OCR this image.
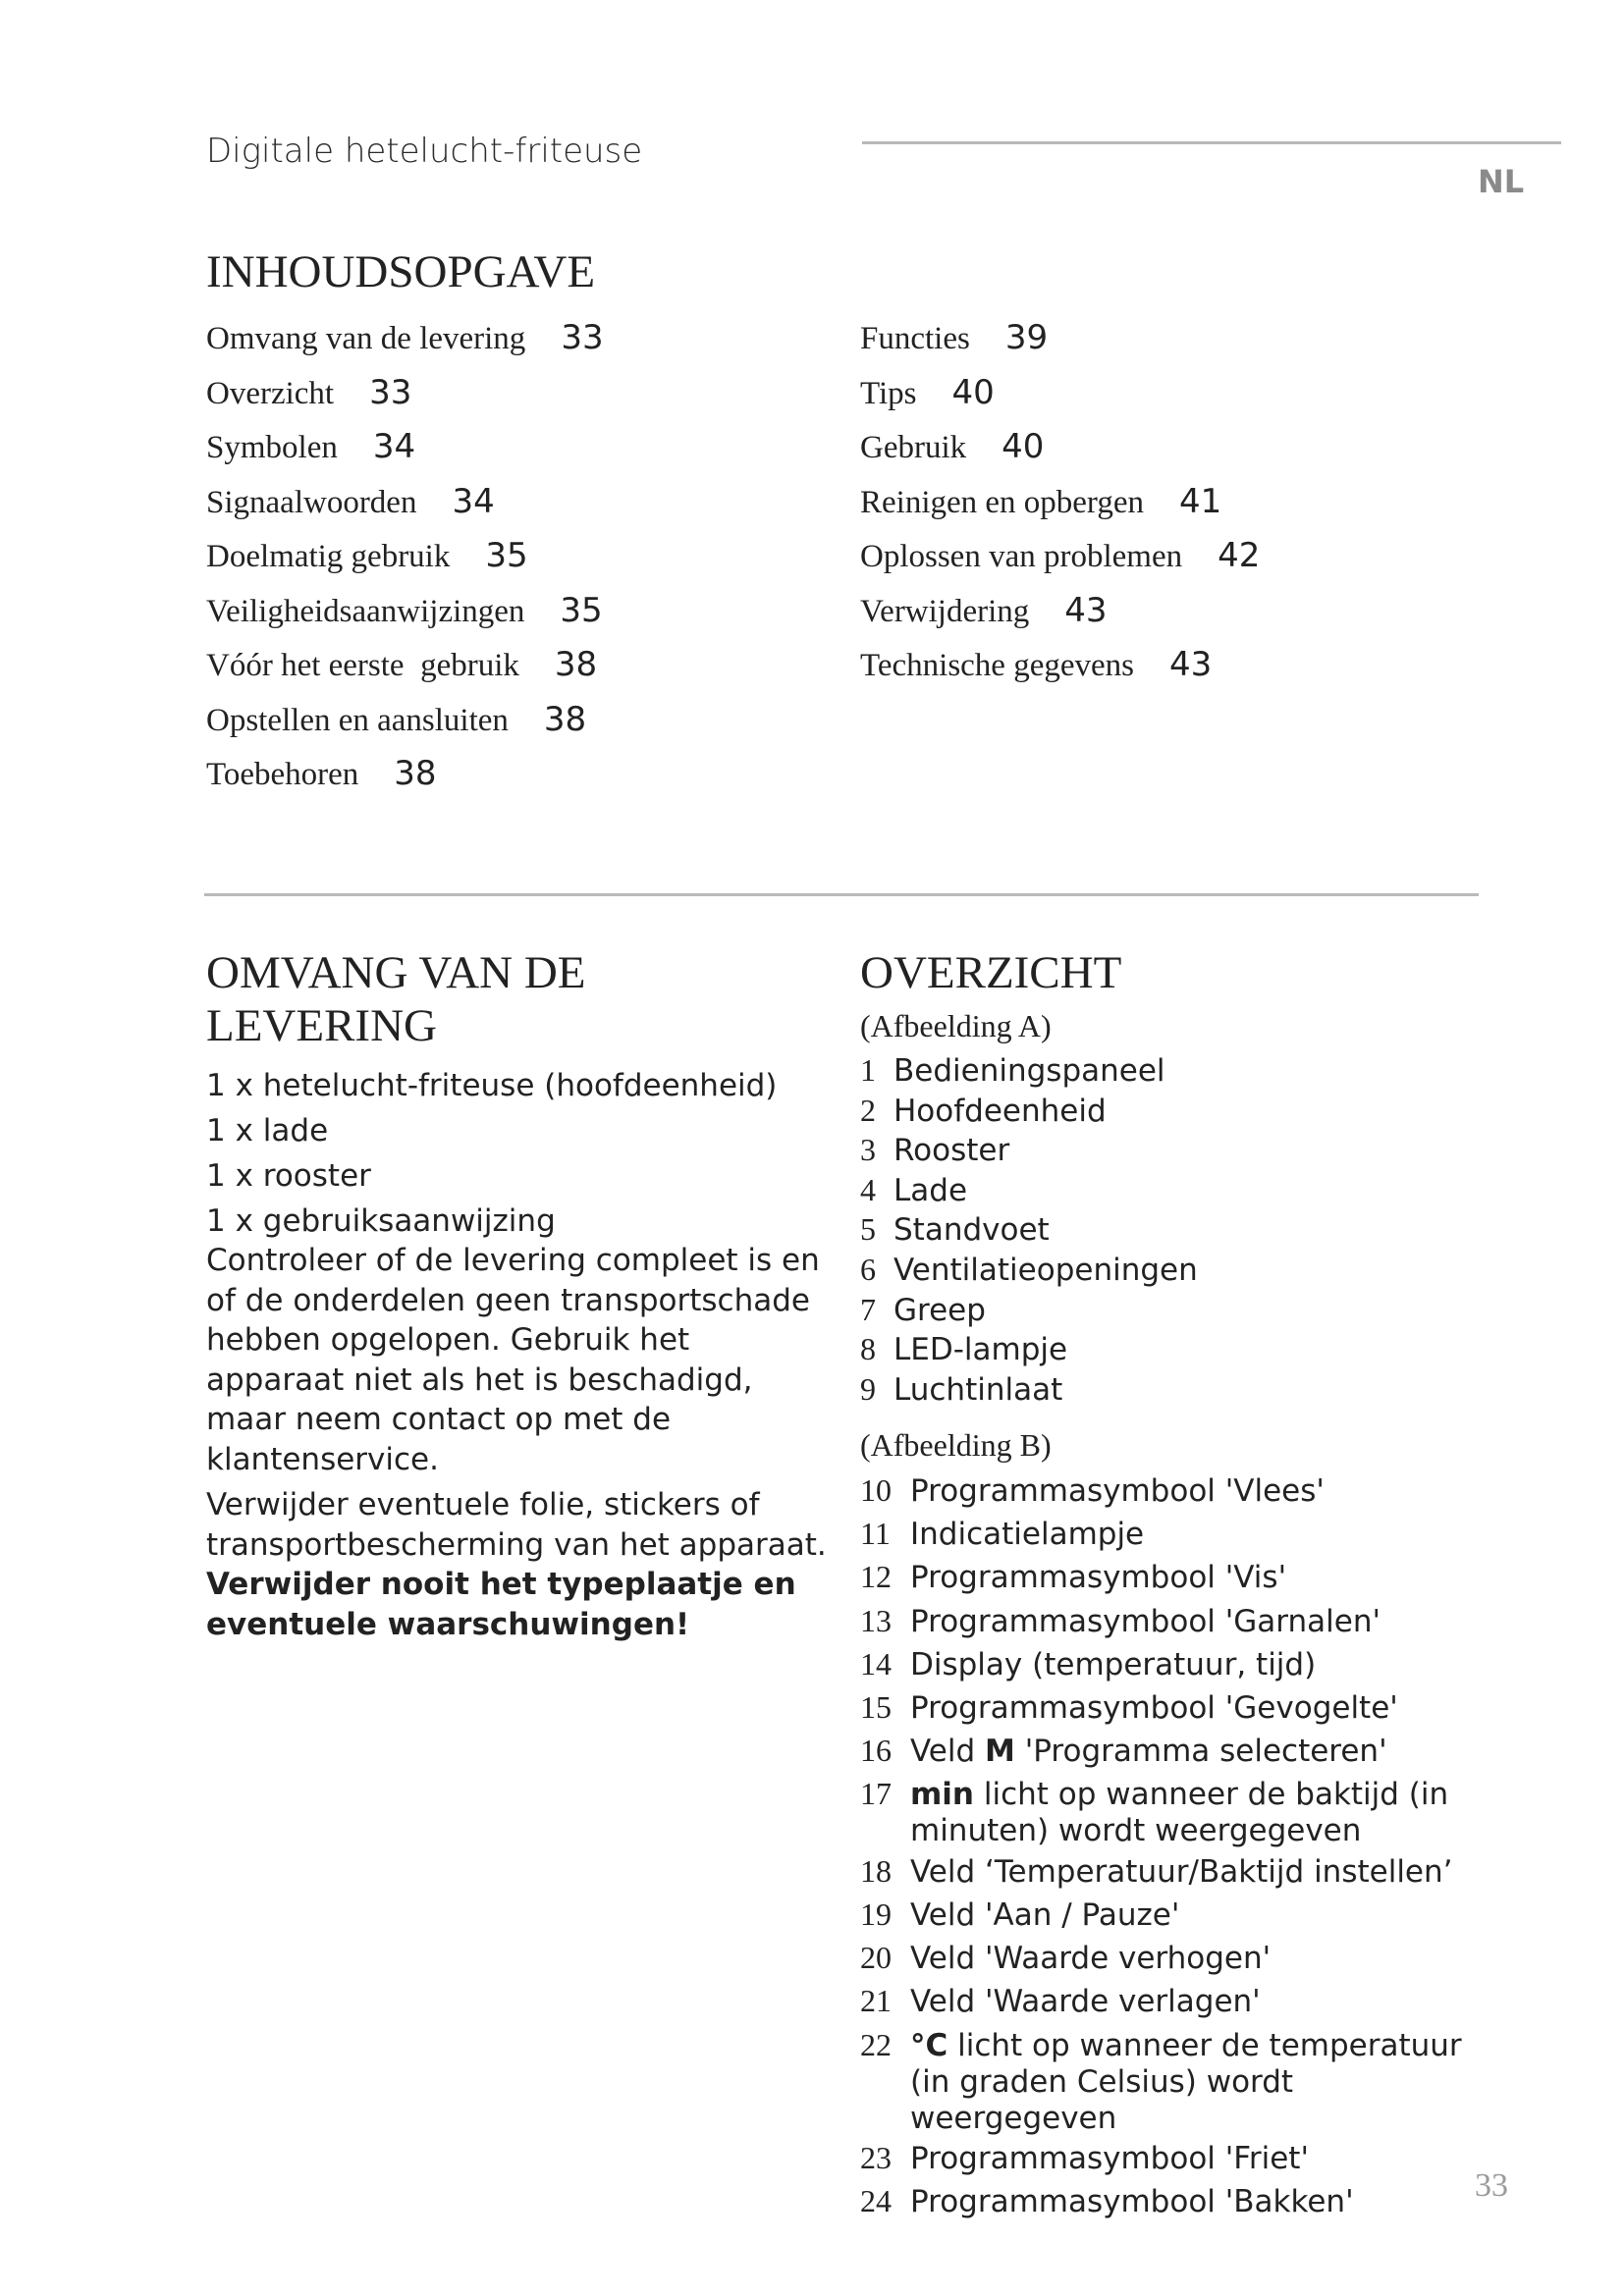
Digitale hetelucht-friteuse
NL
INHOUDSOPGAVE
Omvang van de levering 33
Overzicht 33
Symbolen 34
Signaalwoorden 34
Doelmatig gebruik 35
Veiligheidsaanwijzingen 35
Vóór het eerste  gebruik 38
Opstellen en aansluiten 38
Toebehoren 38
Functies 39
Tips 40
Gebruik 40
Reinigen en opbergen 41
Oplossen van problemen 42
Verwijdering 43
Technische gegevens 43
OMVANG VAN DE
LEVERING
1 x hetelucht-friteuse (hoofdeenheid)
1 x lade
1 x rooster
1 x gebruiksaanwijzing

Controleer of de levering compleet is en of de onderdelen geen transportschade hebben opgelopen. Gebruik het apparaat niet als het is beschadigd, maar neem contact op met de klantenservice.

Verwijder eventuele folie, stickers of transportbescherming van het apparaat.

Verwijder nooit het typeplaatje en eventuele waarschuwingen!

OVERZICHT
(Afbeelding A)
1 Bedieningspaneel
2 Hoofdeenheid
3 Rooster
4 Lade
5 Standvoet
6 Ventilatieopeningen
7 Greep
8 LED-lampje
9 Luchtinlaat
(Afbeelding B)
10 Programmasymbool 'Vlees'
11 Indicatielampje
12 Programmasymbool 'Vis'
13 Programmasymbool 'Garnalen'
14 Display (temperatuur, tijd)
15 Programmasymbool 'Gevogelte'
16 Veld M 'Programma selecteren'
17 min licht op wanneer de baktijd (in minuten) wordt weergegeven
18 Veld ‘Temperatuur/Baktijd instellen’
19 Veld 'Aan / Pauze'
20 Veld 'Waarde verhogen'
21 Veld 'Waarde verlagen'
22 °C licht op wanneer de temperatuur (in graden Celsius) wordt weergegeven
23 Programmasymbool 'Friet'
24 Programmasymbool 'Bakken'	33
